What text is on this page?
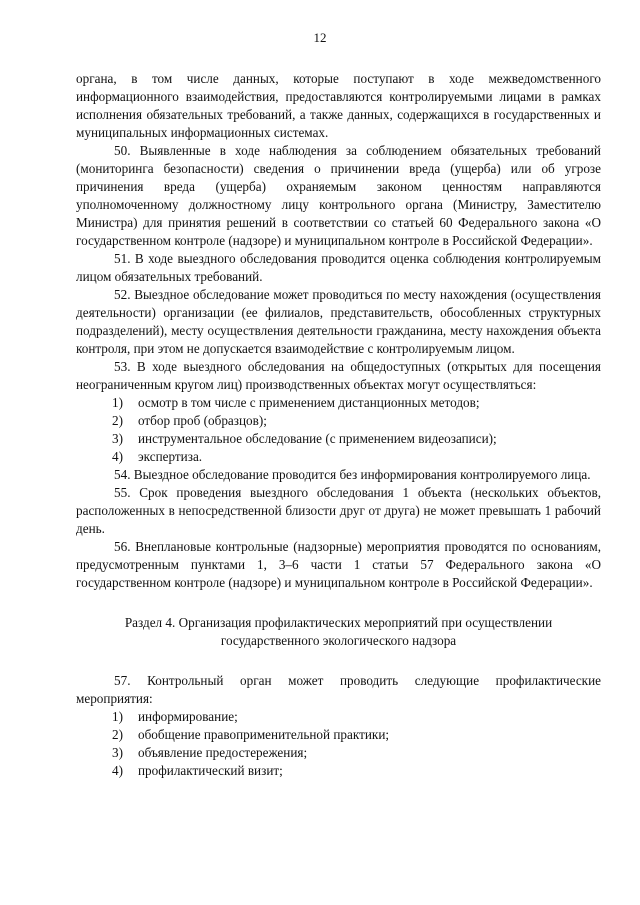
12

органа, в том числе данных, которые поступают в ходе межведомственного информационного взаимодействия, предоставляются контролируемыми лицами в рамках исполнения обязательных требований, а также данных, содержащихся в государственных и муниципальных информационных системах.

50. Выявленные в ходе наблюдения за соблюдением обязательных требований (мониторинга безопасности) сведения о причинении вреда (ущерба) или об угрозе причинения вреда (ущерба) охраняемым законом ценностям направляются уполномоченному должностному лицу контрольного органа (Министру, Заместителю Министра) для принятия решений в соответствии со статьей 60 Федерального закона «О государственном контроле (надзоре) и муниципальном контроле в Российской Федерации».

51. В ходе выездного обследования проводится оценка соблюдения контролируемым лицом обязательных требований.

52. Выездное обследование может проводиться по месту нахождения (осуществления деятельности) организации (ее филиалов, представительств, обособленных структурных подразделений), месту осуществления деятельности гражданина, месту нахождения объекта контроля, при этом не допускается взаимодействие с контролируемым лицом.

53. В ходе выездного обследования на общедоступных (открытых для посещения неограниченным кругом лиц) производственных объектах могут осуществляться:

1) осмотр в том числе с применением дистанционных методов;
2) отбор проб (образцов);
3) инструментальное обследование (с применением видеозаписи);
4) экспертиза.

54. Выездное обследование проводится без информирования контролируемого лица.

55. Срок проведения выездного обследования 1 объекта (нескольких объектов, расположенных в непосредственной близости друг от друга) не может превышать 1 рабочий день.

56. Внеплановые контрольные (надзорные) мероприятия проводятся по основаниям, предусмотренным пунктами 1, 3–6 части 1 статьи 57 Федерального закона «О государственном контроле (надзоре) и муниципальном контроле в Российской Федерации».

Раздел 4. Организация профилактических мероприятий при осуществлении
государственного экологического надзора

57. Контрольный орган может проводить следующие профилактические мероприятия:

1) информирование;
2) обобщение правоприменительной практики;
3) объявление предостережения;
4) профилактический визит;
